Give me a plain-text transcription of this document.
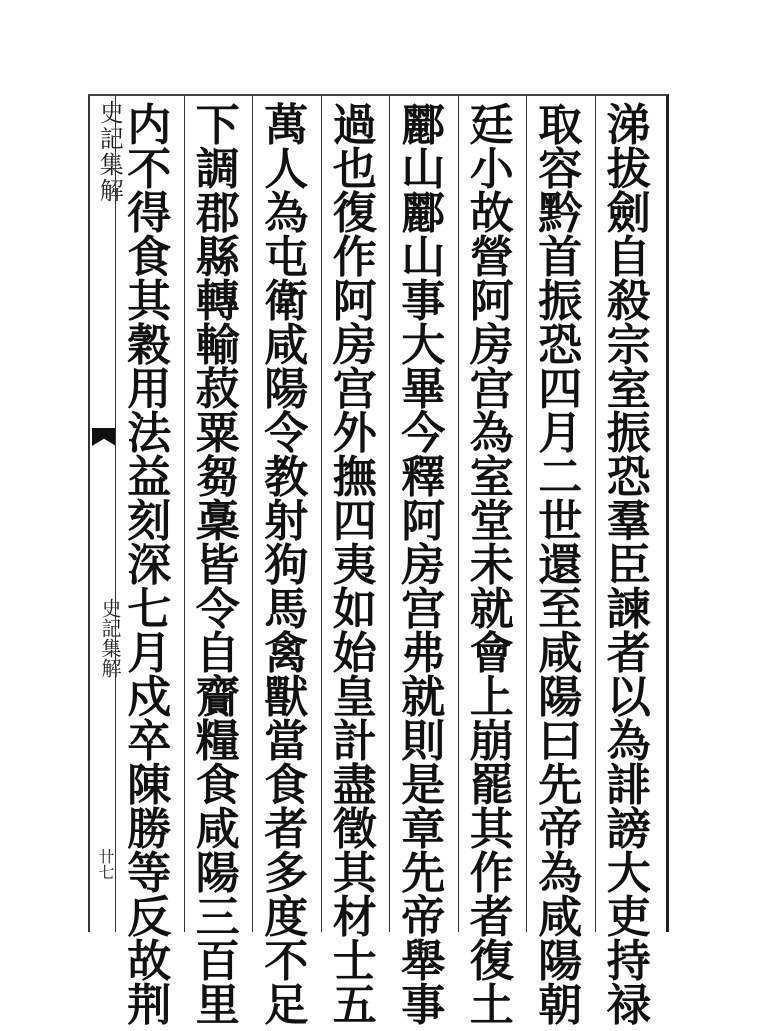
史記集解
史記集解
卄七
涕
拔
劍
自
殺
宗
室
振
恐
羣
臣
諫
者
以
為
誹
謗
大
吏
持
禄
取
容
黔
首
振
恐
四
月
二
世
還
至
咸
陽
曰
先
帝
為
咸
陽
朝
廷
小
故
營
阿
房
宫
為
室
堂
未
就
會
上
崩
罷
其
作
者
復
土
酈
山
酈
山
事
大
畢
今
釋
阿
房
宫
弗
就
則
是
章
先
帝
舉
事
過
也
復
作
阿
房
宫
外
撫
四
夷
如
始
皇
計
盡
徵
其
材
士
五
萬
人
為
屯
衛
咸
陽
令
教
射
狗
馬
禽
獸
當
食
者
多
度
不
足
下
調
郡
縣
轉
輸
菽
粟
芻
稾
皆
令
自
齎
糧
食
咸
陽
三
百
里
内
不
得
食
其
穀
用
法
益
刻
深
七
月
戍
卒
陳
勝
等
反
故
荆
